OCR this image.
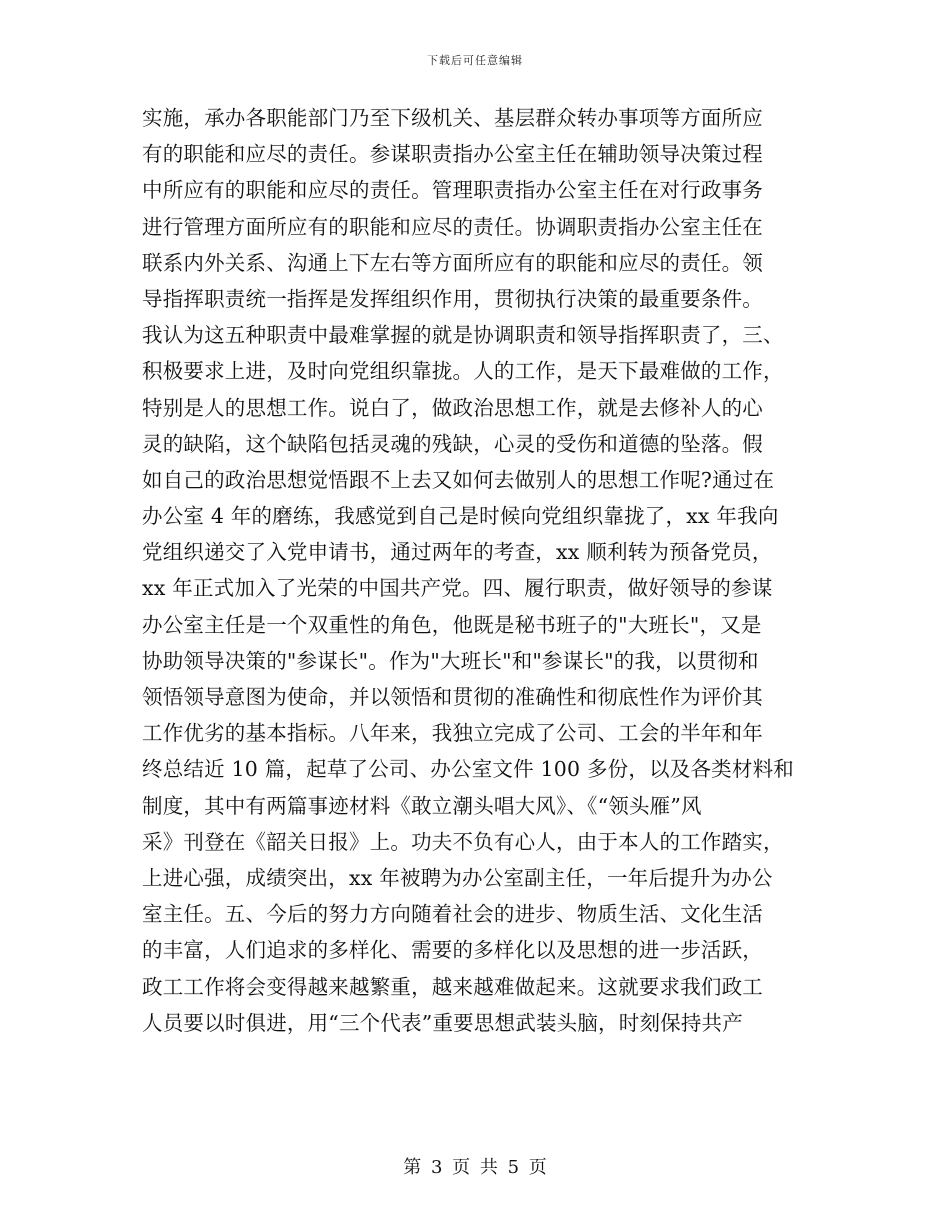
下载后可任意编辑
实施，承办各职能部门乃至下级机关、基层群众转办事项等方面所应
有的职能和应尽的责任。参谋职责指办公室主任在辅助领导决策过程
中所应有的职能和应尽的责任。管理职责指办公室主任在对行政事务
进行管理方面所应有的职能和应尽的责任。协调职责指办公室主任在
联系内外关系、沟通上下左右等方面所应有的职能和应尽的责任。领
导指挥职责统一指挥是发挥组织作用，贯彻执行决策的最重要条件。
我认为这五种职责中最难掌握的就是协调职责和领导指挥职责了，三、
积极要求上进，及时向党组织靠拢。人的工作，是天下最难做的工作，
特别是人的思想工作。说白了，做政治思想工作，就是去修补人的心
灵的缺陷，这个缺陷包括灵魂的残缺，心灵的受伤和道德的坠落。假
如自己的政治思想觉悟跟不上去又如何去做别人的思想工作呢?通过在
办公室 4 年的磨练，我感觉到自己是时候向党组织靠拢了，xx 年我向
党组织递交了入党申请书，通过两年的考查，xx 顺利转为预备党员，
xx 年正式加入了光荣的中国共产党。四、履行职责，做好领导的参谋
办公室主任是一个双重性的角色，他既是秘书班子的"大班长"，又是
协助领导决策的"参谋长"。作为"大班长"和"参谋长"的我，以贯彻和
领悟领导意图为使命，并以领悟和贯彻的准确性和彻底性作为评价其
工作优劣的基本指标。八年来，我独立完成了公司、工会的半年和年
终总结近 10 篇，起草了公司、办公室文件 100 多份，以及各类材料和
制度，其中有两篇事迹材料《敢立潮头唱大风》、《“领头雁”风
采》刊登在《韶关日报》上。功夫不负有心人，由于本人的工作踏实，
上进心强，成绩突出，xx 年被聘为办公室副主任，一年后提升为办公
室主任。五、今后的努力方向随着社会的进步、物质生活、文化生活
的丰富，人们追求的多样化、需要的多样化以及思想的进一步活跃，
政工工作将会变得越来越繁重，越来越难做起来。这就要求我们政工
人员要以时俱进，用“三个代表”重要思想武装头脑，时刻保持共产
第 3 页 共 5 页
